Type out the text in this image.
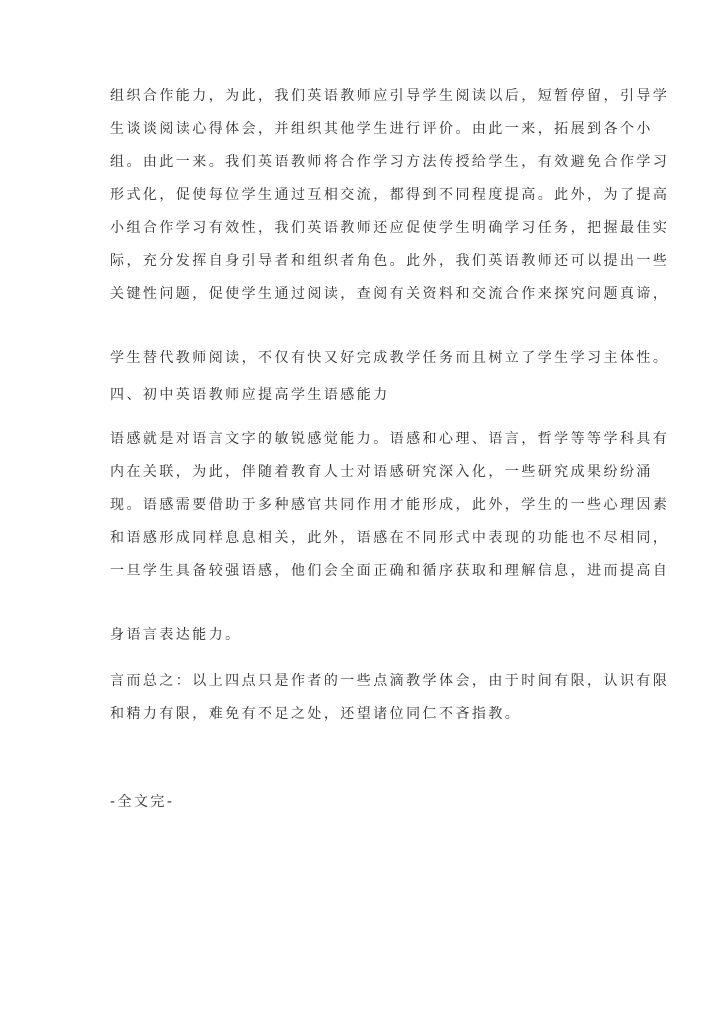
组织合作能力，为此，我们英语教师应引导学生阅读以后，短暂停留，引导学
生谈谈阅读心得体会，并组织其他学生进行评价。由此一来，拓展到各个小
组。由此一来。我们英语教师将合作学习方法传授给学生，有效避免合作学习
形式化，促使每位学生通过互相交流，都得到不同程度提高。此外，为了提高
小组合作学习有效性，我们英语教师还应促使学生明确学习任务，把握最佳实
际，充分发挥自身引导者和组织者角色。此外，我们英语教师还可以提出一些
关键性问题，促使学生通过阅读，查阅有关资料和交流合作来探究问题真谛，
学生替代教师阅读，不仅有快又好完成教学任务而且树立了学生学习主体性。
四、初中英语教师应提高学生语感能力
语感就是对语言文字的敏锐感觉能力。语感和心理、语言，哲学等等学科具有
内在关联，为此，伴随着教育人士对语感研究深入化，一些研究成果纷纷涌
现。语感需要借助于多种感官共同作用才能形成，此外，学生的一些心理因素
和语感形成同样息息相关，此外，语感在不同形式中表现的功能也不尽相同，
一旦学生具备较强语感，他们会全面正确和循序获取和理解信息，进而提高自
身语言表达能力。
言而总之：以上四点只是作者的一些点滴教学体会，由于时间有限，认识有限
和精力有限，难免有不足之处，还望诸位同仁不吝指教。
-全文完-
